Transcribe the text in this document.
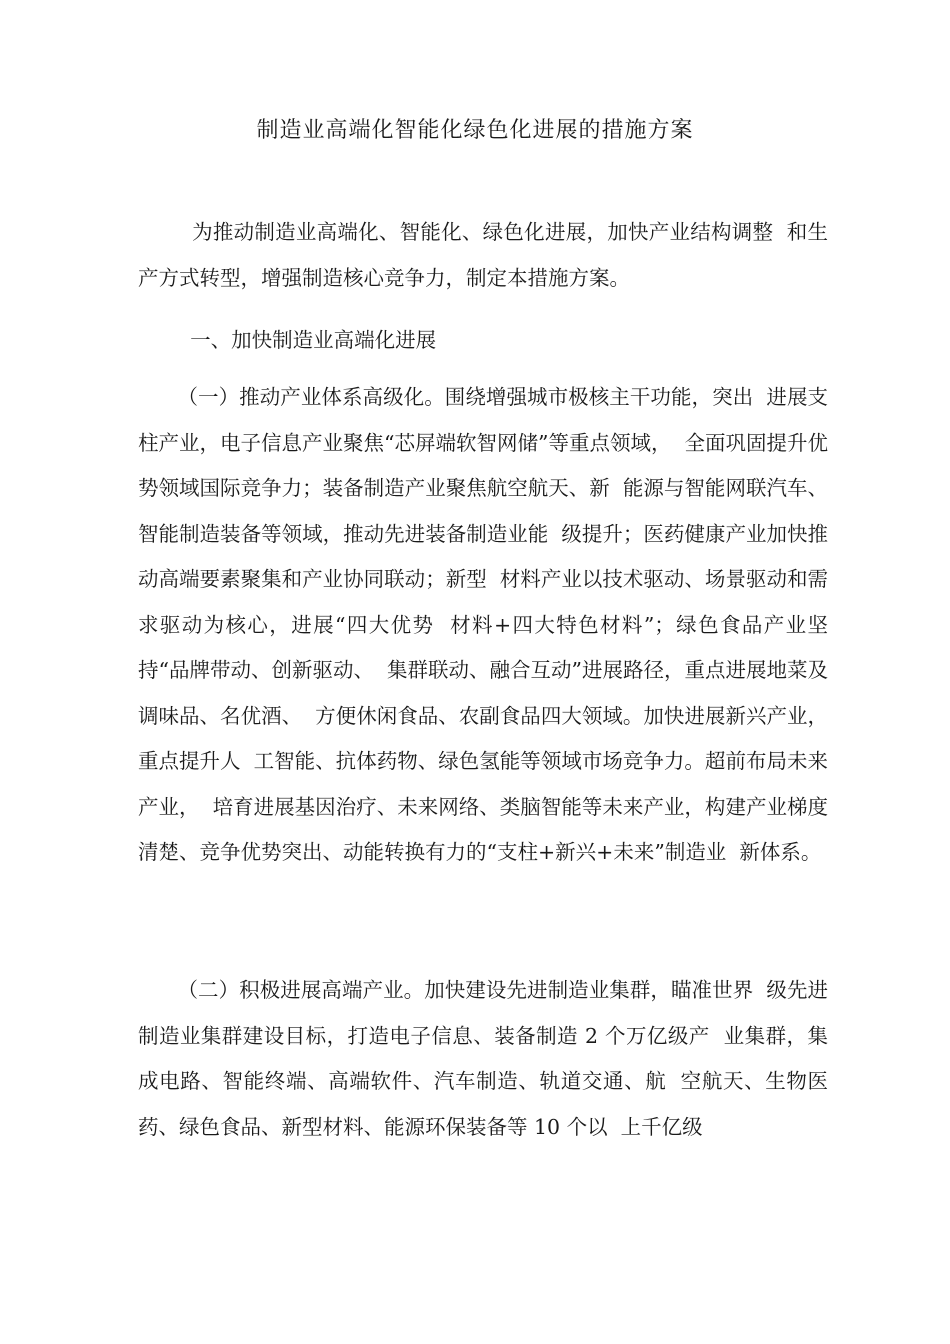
制造业高端化智能化绿色化进展的措施方案

为推动制造业高端化、智能化、绿色化进展，加快产业结构调整  和生产方式转型，增强制造核心竞争力，制定本措施方案。

一、加快制造业高端化进展

（一）推动产业体系高级化。围绕增强城市极核主干功能，突出  进展支柱产业，电子信息产业聚焦“芯屏端软智网储”等重点领域，  全面巩固提升优势领域国际竞争力；装备制造产业聚焦航空航天、新  能源与智能网联汽车、智能制造装备等领域，推动先进装备制造业能  级提升；医药健康产业加快推动高端要素聚集和产业协同联动；新型  材料产业以技术驱动、场景驱动和需求驱动为核心，进展“四大优势  材料+四大特色材料”；绿色食品产业坚持“品牌带动、创新驱动、  集群联动、融合互动”进展路径，重点进展地菜及调味品、名优酒、  方便休闲食品、农副食品四大领域。加快进展新兴产业，重点提升人  工智能、抗体药物、绿色氢能等领域市场竞争力。超前布局未来产业，  培育进展基因治疗、未来网络、类脑智能等未来产业，构建产业梯度  清楚、竞争优势突出、动能转换有力的“支柱+新兴+未来”制造业  新体系。

（二）积极进展高端产业。加快建设先进制造业集群，瞄准世界  级先进制造业集群建设目标，打造电子信息、装备制造 2 个万亿级产  业集群，集成电路、智能终端、高端软件、汽车制造、轨道交通、航  空航天、生物医药、绿色食品、新型材料、能源环保装备等 10 个以  上千亿级
